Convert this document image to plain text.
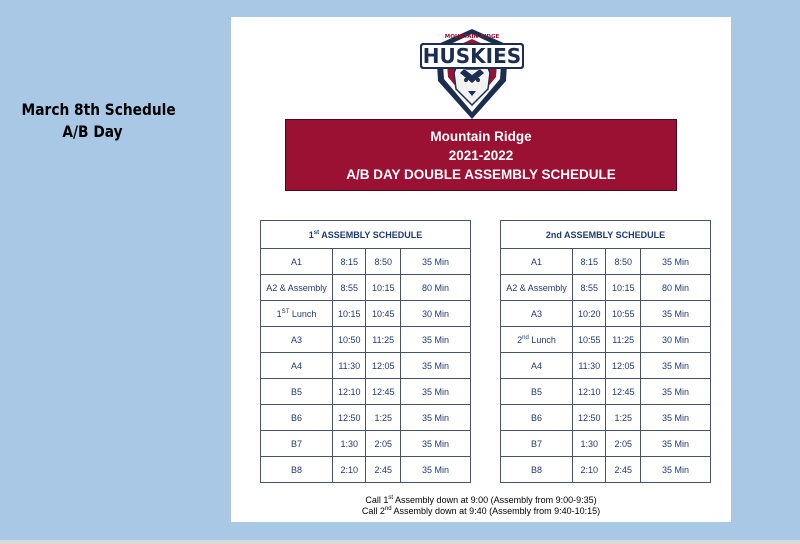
March 8th Schedule
A/B Day
HUSKIES
MOUNTAIN RIDGE
Mountain Ridge
2021-2022
A/B DAY DOUBLE ASSEMBLY SCHEDULE
1st ASSEMBLY SCHEDULE			
A1	8:15	8:50	35 Min
A2 & Assembly	8:55	10:15	80 Min
1ST Lunch	10:15	10:45	30 Min
A3	10:50	11:25	35 Min
A4	11:30	12:05	35 Min
B5	12:10	12:45	35 Min
B6	12:50	1:25	35 Min
B7	1:30	2:05	35 Min
B8	2:10	2:45	35 Min
2nd ASSEMBLY SCHEDULE			
A1	8:15	8:50	35 Min
A2 & Assembly	8:55	10:15	80 Min
A3	10:20	10:55	35 Min
2nd Lunch	10:55	11:25	30 Min
A4	11:30	12:05	35 Min
B5	12:10	12:45	35 Min
B6	12:50	1:25	35 Min
B7	1:30	2:05	35 Min
B8	2:10	2:45	35 Min
Call 1st Assembly down at 9:00 (Assembly from 9:00-9:35)
Call 2nd Assembly down at 9:40 (Assembly from 9:40-10:15)
